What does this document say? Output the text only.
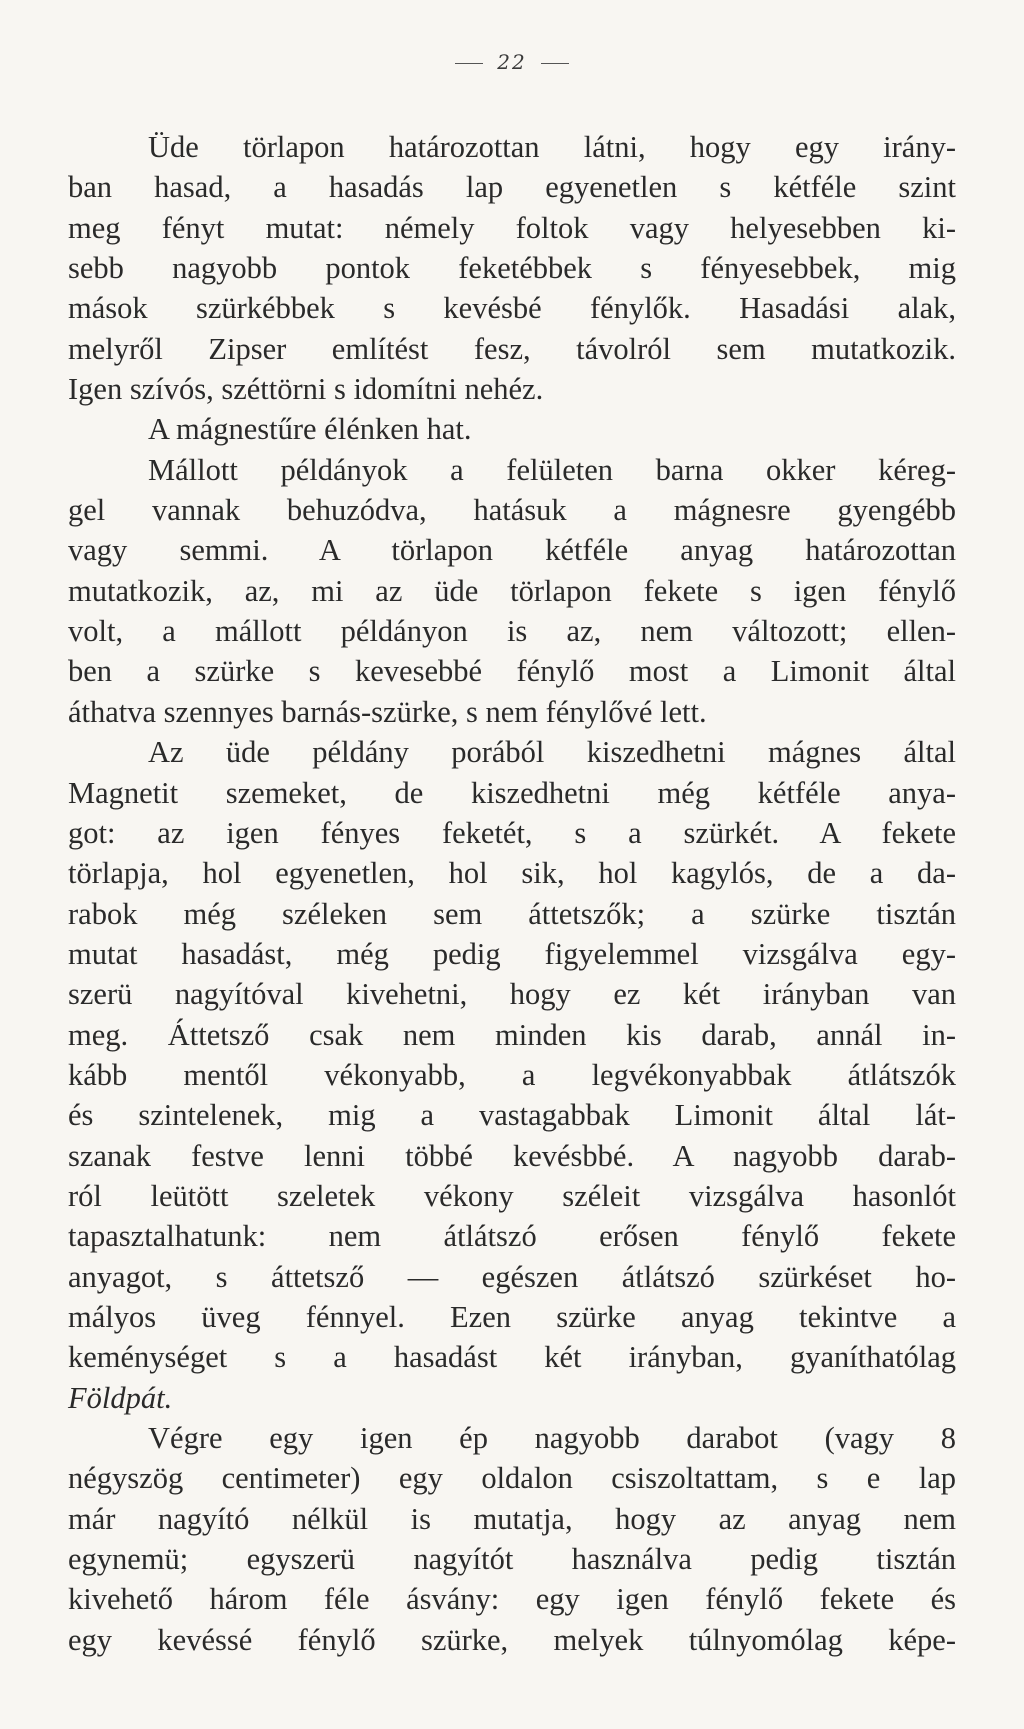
22
Üde törlapon határozottan látni, hogy egy irány-
ban hasad, a hasadás lap egyenetlen s kétféle szint
meg fényt mutat: némely foltok vagy helyesebben ki-
sebb nagyobb pontok feketébbek s fényesebbek, mig
mások szürkébbek s kevésbé fénylők. Hasadási alak,
melyről Zipser említést fesz, távolról sem mutatkozik.
Igen szívós, széttörni s idomítni nehéz.
A mágnestűre élénken hat.
Mállott példányok a felületen barna okker kéreg-
gel vannak behuzódva, hatásuk a mágnesre gyengébb
vagy semmi. A törlapon kétféle anyag határozottan
mutatkozik, az, mi az üde törlapon fekete s igen fénylő
volt, a mállott példányon is az, nem változott; ellen-
ben a szürke s kevesebbé fénylő most a Limonit által
áthatva szennyes barnás-szürke, s nem fénylővé lett.
Az üde példány porából kiszedhetni mágnes által
Magnetit szemeket, de kiszedhetni még kétféle anya-
got: az igen fényes feketét, s a szürkét. A fekete
törlapja, hol egyenetlen, hol sik, hol kagylós, de a da-
rabok még széleken sem áttetszők; a szürke tisztán
mutat hasadást, még pedig figyelemmel vizsgálva egy-
szerü nagyítóval kivehetni, hogy ez két irányban van
meg. Áttetsző csak nem minden kis darab, annál in-
kább mentől vékonyabb, a legvékonyabbak átlátszók
és szintelenek, mig a vastagabbak Limonit által lát-
szanak festve lenni többé kevésbbé. A nagyobb darab-
ról leütött szeletek vékony széleit vizsgálva hasonlót
tapasztalhatunk: nem átlátszó erősen fénylő fekete
anyagot, s áttetsző — egészen átlátszó szürkéset ho-
mályos üveg fénnyel. Ezen szürke anyag tekintve a
keménységet s a hasadást két irányban, gyaníthatólag
Földpát.
Végre egy igen ép nagyobb darabot (vagy 8
négyszög centimeter) egy oldalon csiszoltattam, s e lap
már nagyító nélkül is mutatja, hogy az anyag nem
egynemü; egyszerü nagyítót használva pedig tisztán
kivehető három féle ásvány: egy igen fénylő fekete és
egy kevéssé fénylő szürke, melyek túlnyomólag képe-
